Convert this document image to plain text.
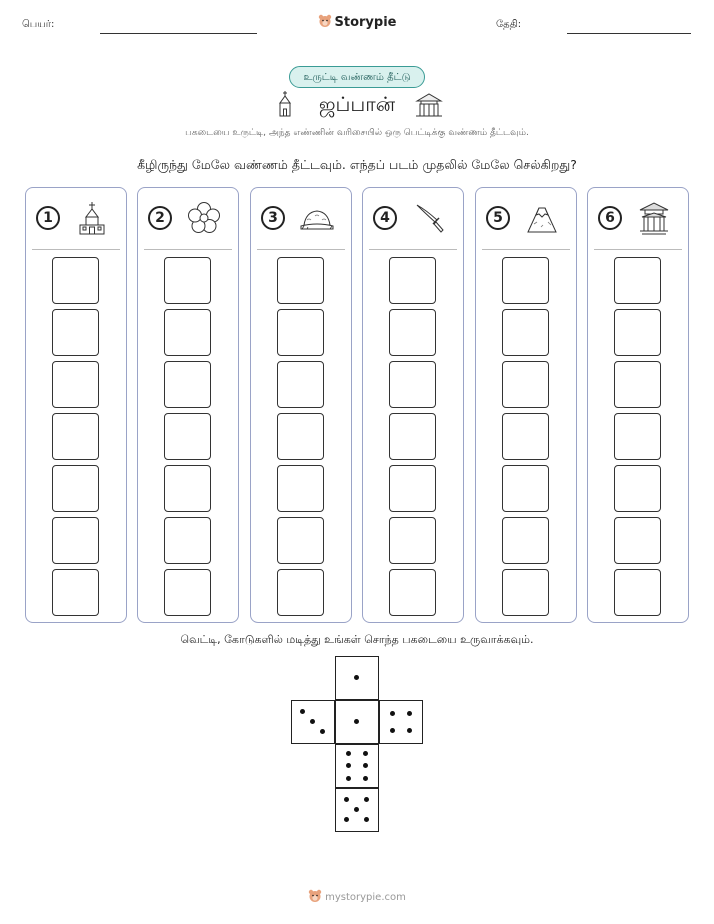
பெயர்:	Storypie	தேதி:
உருட்டி வண்ணம் தீட்டு
ஜப்பான்
பகடையை உருட்டி, அந்த எண்ணின் வரிசையில் ஒரு பெட்டிக்கு வண்ணம் தீட்டவும்.
கீழிருந்து மேலே வண்ணம் தீட்டவும். எந்தப் படம் முதலில் மேலே செல்கிறது?
1	2	3	4	5	6
வெட்டி, கோடுகளில் மடித்து உங்கள் சொந்த பகடையை உருவாக்கவும்.
mystorypie.com
